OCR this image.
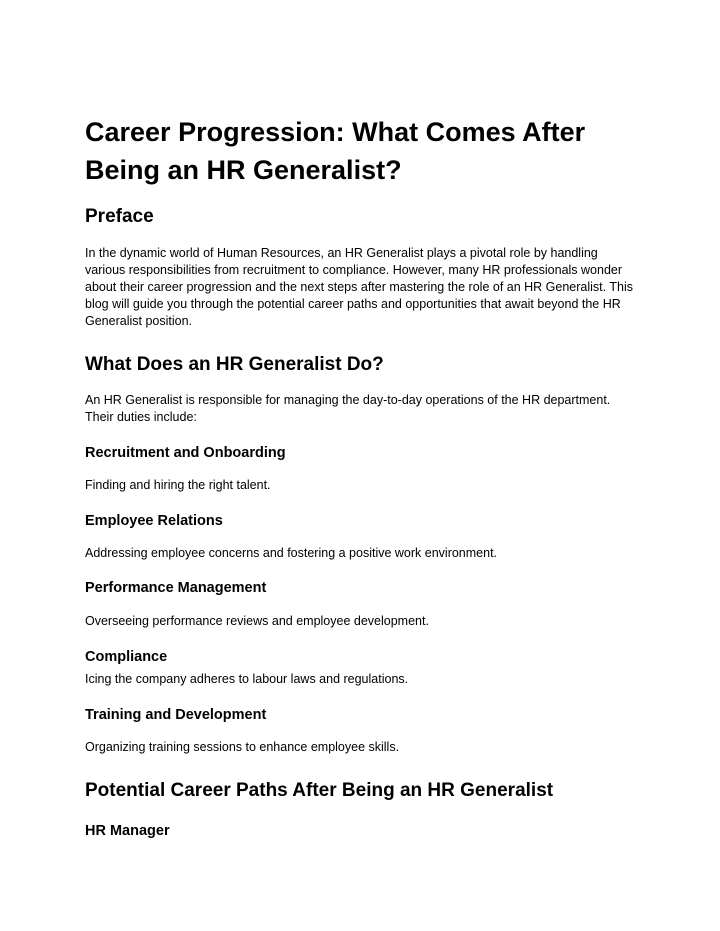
Career Progression: What Comes After Being an HR Generalist?
Preface

In the dynamic world of Human Resources, an HR Generalist plays a pivotal role by handling various responsibilities from recruitment to compliance. However, many HR professionals wonder about their career progression and the next steps after mastering the role of an HR Generalist. This blog will guide you through the potential career paths and opportunities that await beyond the HR Generalist position.

What Does an HR Generalist Do?

An HR Generalist is responsible for managing the day-to-day operations of the HR department. Their duties include:

Recruitment and Onboarding

Finding and hiring the right talent.

Employee Relations

Addressing employee concerns and fostering a positive work environment.

Performance Management

Overseeing performance reviews and employee development.

Compliance

Icing the company adheres to labour laws and regulations.

Training and Development

Organizing training sessions to enhance employee skills.

Potential Career Paths After Being an HR Generalist
HR Manager
